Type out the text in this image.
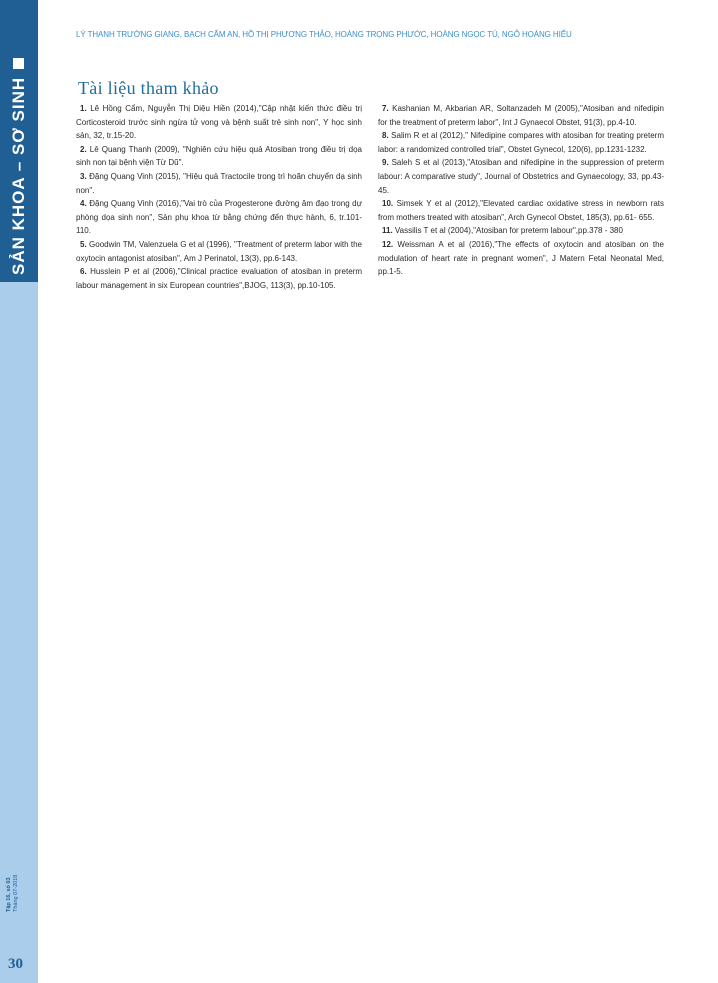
SẢN KHOA – SƠ SINH
Tập 16, số 03 Tháng 07-2018
30
LÝ THANH TRƯỜNG GIANG, BẠCH CẨM AN, HỒ THỊ PHƯƠNG THẢO, HOÀNG TRỌNG PHƯỚC, HOÀNG NGỌC TÚ, NGÔ HOÀNG HIẾU
Tài liệu tham khảo

1. Lê Hồng Cẩm, Nguyễn Thị Diệu Hiền (2014),"Cập nhật kiến thức điều trị Corticosteroid trước sinh ngừa tử vong và bệnh suất trẻ sinh non", Y học sinh sản, 32, tr.15-20.

2. Lê Quang Thanh (2009), "Nghiên cứu hiệu quả Atosiban trong điều trị dọa sinh non tại bệnh viện Từ Dũ".

3. Đặng Quang Vinh (2015), "Hiệu quả Tractocile trong trì hoãn chuyển dạ sinh non".

4. Đặng Quang Vinh (2016),"Vai trò của Progesterone đường âm đạo trong dự phòng dọa sinh non", Sản phụ khoa từ bằng chứng đến thực hành, 6, tr.101-110.

5. Goodwin TM, Valenzuela G et al (1996), "Treatment of preterm labor with the oxytocin antagonist atosiban", Am J Perinatol, 13(3), pp.6-143.

6. Husslein P et al (2006),"Clinical practice evaluation of atosiban in preterm labour management in six European countries",BJOG, 113(3), pp.10-105.

7. Kashanian M, Akbarian AR, Soltanzadeh M (2005),"Atosiban and nifedipin for the treatment of preterm labor", Int J Gynaecol Obstet, 91(3), pp.4-10.

8. Salim R et al (2012)," Nifedipine compares with atosiban for treating preterm labor: a randomized controlled trial", Obstet Gynecol, 120(6), pp.1231-1232.

9. Saleh S et al (2013),"Atosiban and nifedipine in the suppression of preterm labour: A comparative study", Journal of Obstetrics and Gynaecology, 33, pp.43-45.

10. Simsek Y et al (2012),"Elevated cardiac oxidative stress in newborn rats from mothers treated with atosiban", Arch Gynecol Obstet, 185(3), pp.61- 655.

11. Vassilis T et al (2004),"Atosiban for preterm labour",pp.378 - 380

12. Weissman A et al (2016),"The effects of oxytocin and atosiban on the modulation of heart rate in pregnant women", J Matern Fetal Neonatal Med, pp.1-5.
